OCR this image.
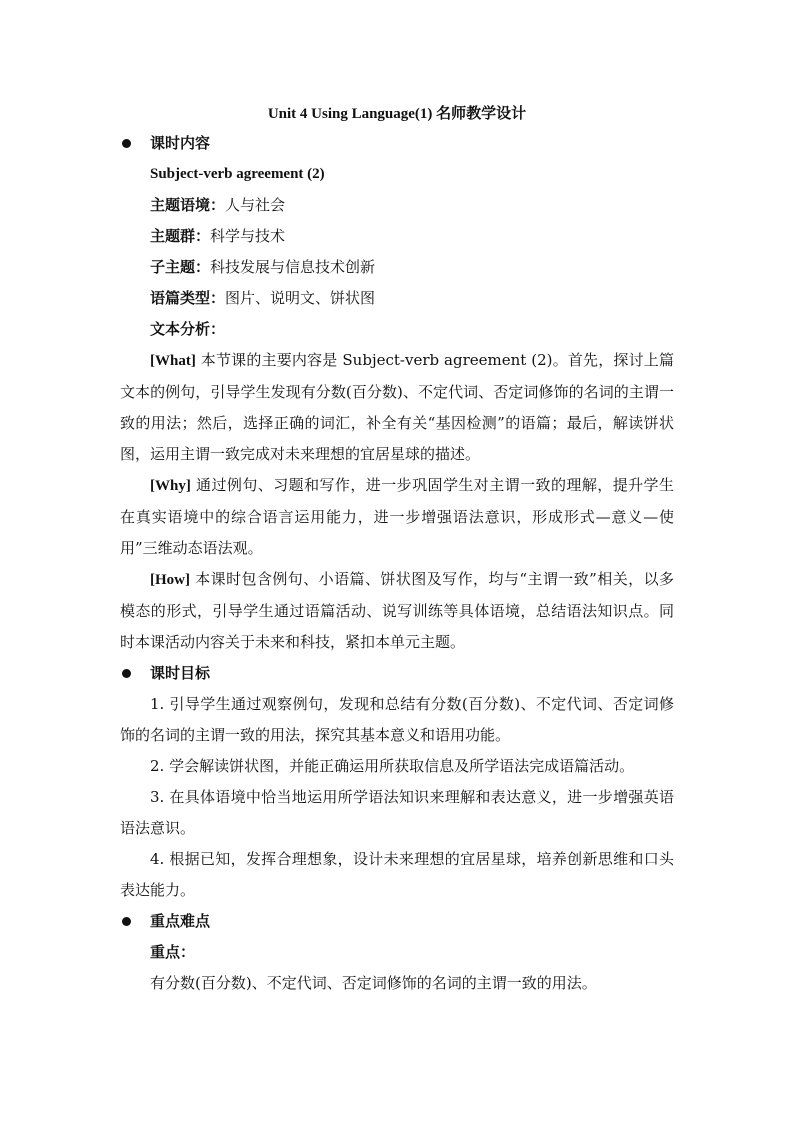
Unit 4 Using Language(1) 名师教学设计
课时内容
Subject-verb agreement (2)
主题语境：人与社会
主题群：科学与技术
子主题：科技发展与信息技术创新
语篇类型：图片、说明文、饼状图
文本分析：

[What] 本节课的主要内容是 Subject-verb agreement (2)。首先，探讨上篇文本的例句，引导学生发现有分数(百分数)、不定代词、否定词修饰的名词的主谓一致的用法；然后，选择正确的词汇，补全有关“基因检测”的语篇；最后，解读饼状图，运用主谓一致完成对未来理想的宜居星球的描述。

[Why] 通过例句、习题和写作，进一步巩固学生对主谓一致的理解，提升学生在真实语境中的综合语言运用能力，进一步增强语法意识，形成形式—意义—使用”三维动态语法观。

[How] 本课时包含例句、小语篇、饼状图及写作，均与“主谓一致”相关，以多模态的形式，引导学生通过语篇活动、说写训练等具体语境，总结语法知识点。同时本课活动内容关于未来和科技，紧扣本单元主题。

课时目标

1. 引导学生通过观察例句，发现和总结有分数(百分数)、不定代词、否定词修饰的名词的主谓一致的用法，探究其基本意义和语用功能。

2. 学会解读饼状图，并能正确运用所获取信息及所学语法完成语篇活动。

3. 在具体语境中恰当地运用所学语法知识来理解和表达意义，进一步增强英语语法意识。

4. 根据已知，发挥合理想象，设计未来理想的宜居星球，培养创新思维和口头表达能力。

重点难点
重点：
有分数(百分数)、不定代词、否定词修饰的名词的主谓一致的用法。
